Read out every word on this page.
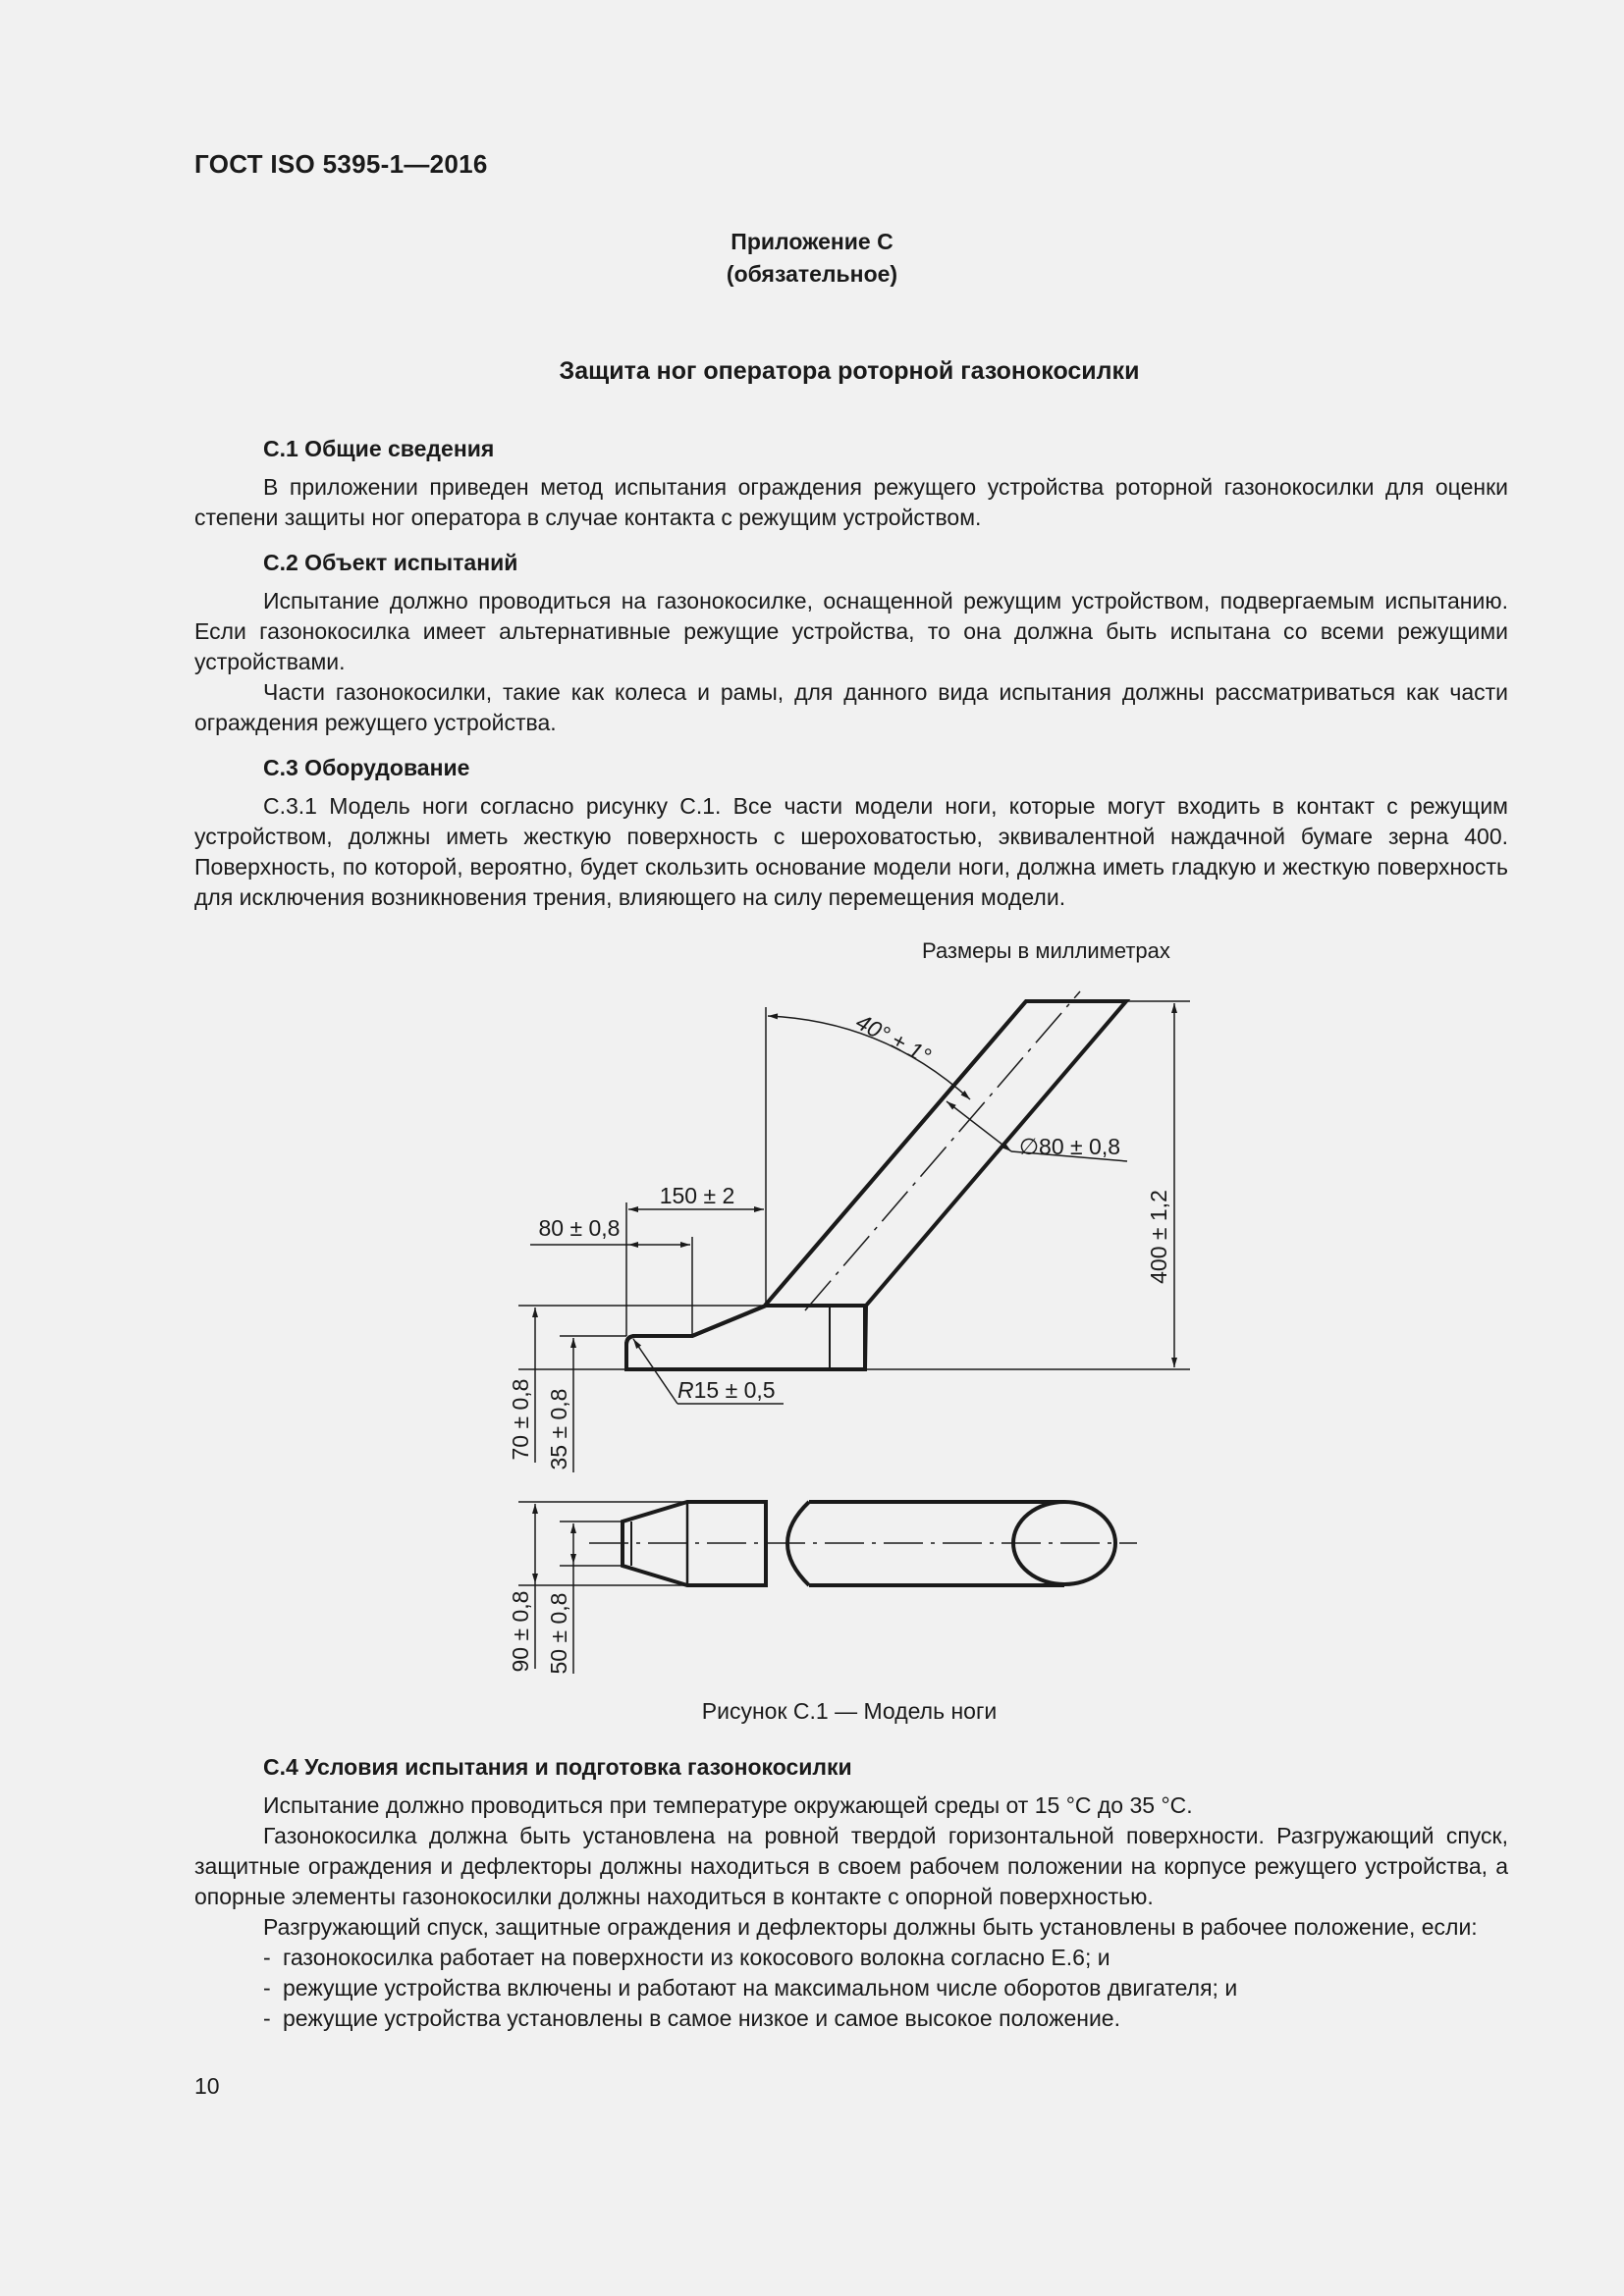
ГОСТ ISO 5395-1—2016
Приложение С
(обязательное)
Защита ног оператора роторной газонокосилки

С.1 Общие сведения

В приложении приведен метод испытания ограждения режущего устройства роторной газонокосилки для оценки степени защиты ног оператора в случае контакта с режущим устройством.

С.2 Объект испытаний

Испытание должно проводиться на газонокосилке, оснащенной режущим устройством, подвергаемым испытанию. Если газонокосилка имеет альтернативные режущие устройства, то она должна быть испытана со всеми режущими устройствами.

Части газонокосилки, такие как колеса и рамы, для данного вида испытания должны рассматриваться как части ограждения режущего устройства.

С.3 Оборудование

С.3.1 Модель ноги согласно рисунку С.1. Все части модели ноги, которые могут входить в контакт с режущим устройством, должны иметь жесткую поверхность с шероховатостью, эквивалентной наждачной бумаге зерна 400. Поверхность, по которой, вероятно, будет скользить основание модели ноги, должна иметь гладкую и жесткую поверхность для исключения возникновения трения, влияющего на силу перемещения модели.

Размеры в миллиметрах
40° ± 1°
∅80 ± 0,8
400 ± 1,2
150 ± 2
80 ± 0,8
R15 ± 0,5
70 ± 0,8 35 ± 0,8
90 ± 0,8 50 ± 0,8
Рисунок С.1 — Модель ноги

С.4 Условия испытания и подготовка газонокосилки

Испытание должно проводиться при температуре окружающей среды от 15 °С до 35 °С.

Газонокосилка должна быть установлена на ровной твердой горизонтальной поверхности. Разгружающий спуск, защитные ограждения и дефлекторы должны находиться в своем рабочем положении на корпусе режущего устройства, а опорные элементы газонокосилки должны находиться в контакте с опорной поверхностью.

Разгружающий спуск, защитные ограждения и дефлекторы должны быть установлены в рабочее положение, если:

- газонокосилка работает на поверхности из кокосового волокна согласно Е.6; и
- режущие устройства включены и работают на максимальном числе оборотов двигателя; и
- режущие устройства установлены в самое низкое и самое высокое положение.
10
